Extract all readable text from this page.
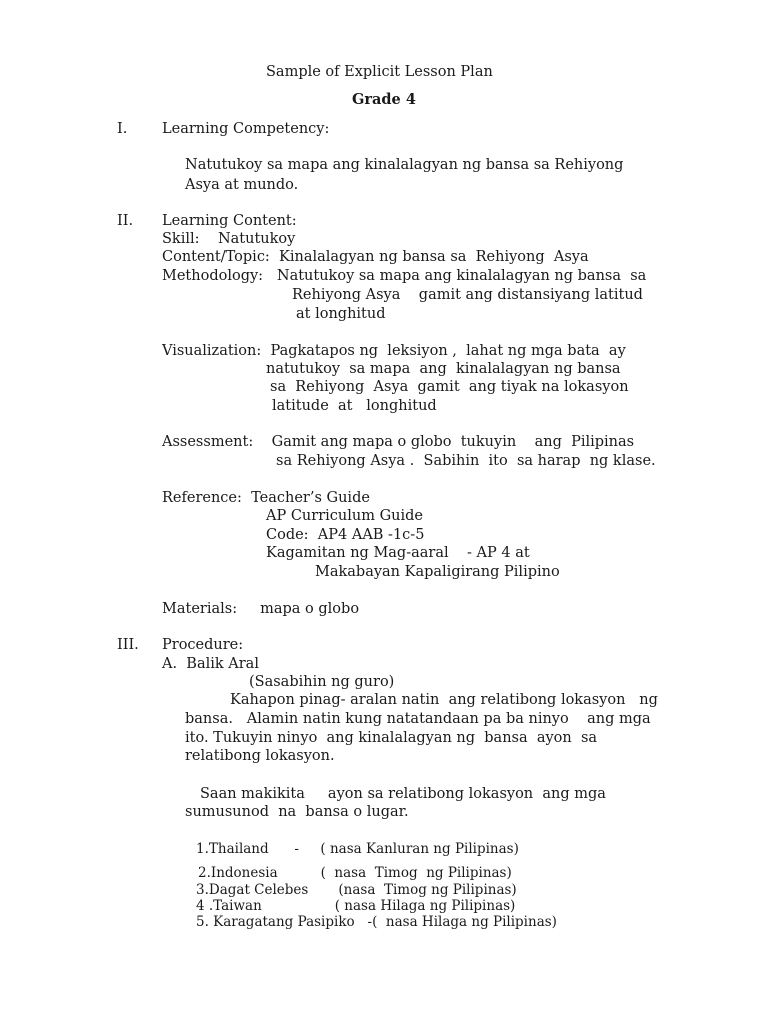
Sample of Explicit Lesson Plan
Grade 4
I. Learning Competency:
Natutukoy sa mapa ang kinalalagyan ng bansa sa Rehiyong
Asya at mundo.
II. Learning Content:
Skill:    Natutukoy
Content/Topic:  Kinalalagyan ng bansa sa  Rehiyong  Asya
Methodology:   Natutukoy sa mapa ang kinalalagyan ng bansa  sa
Rehiyong Asya    gamit ang distansiyang latitud
at longhitud
Visualization:  Pagkatapos ng  leksiyon ,  lahat ng mga bata  ay
natutukoy  sa mapa  ang  kinalalagyan ng bansa
sa  Rehiyong  Asya  gamit  ang tiyak na lokasyon
latitude  at   longhitud
Assessment:    Gamit ang mapa o globo  tukuyin    ang  Pilipinas
sa Rehiyong Asya .  Sabihin  ito  sa harap  ng klase.
Reference:  Teacher’s Guide
AP Curriculum Guide
Code:  AP4 AAB -1c-5
Kagamitan ng Mag-aaral    - AP 4 at
Makabayan Kapaligirang Pilipino
Materials:     mapa o globo
III. Procedure:
A.  Balik Aral
(Sasabihin ng guro)
Kahapon pinag- aralan natin  ang relatibong lokasyon   ng
bansa.   Alamin natin kung natatandaan pa ba ninyo    ang mga
ito. Tukuyin ninyo  ang kinalalagyan ng  bansa  ayon  sa
relatibong lokasyon.
Saan makikita     ayon sa relatibong lokasyon  ang mga
sumusunod  na  bansa o lugar.
1.Thailand      -     ( nasa Kanluran ng Pilipinas)
2.Indonesia          (  nasa  Timog  ng Pilipinas)
3.Dagat Celebes       (nasa  Timog ng Pilipinas)
4 .Taiwan                 ( nasa Hilaga ng Pilipinas)
5. Karagatang Pasipiko   -(  nasa Hilaga ng Pilipinas)
